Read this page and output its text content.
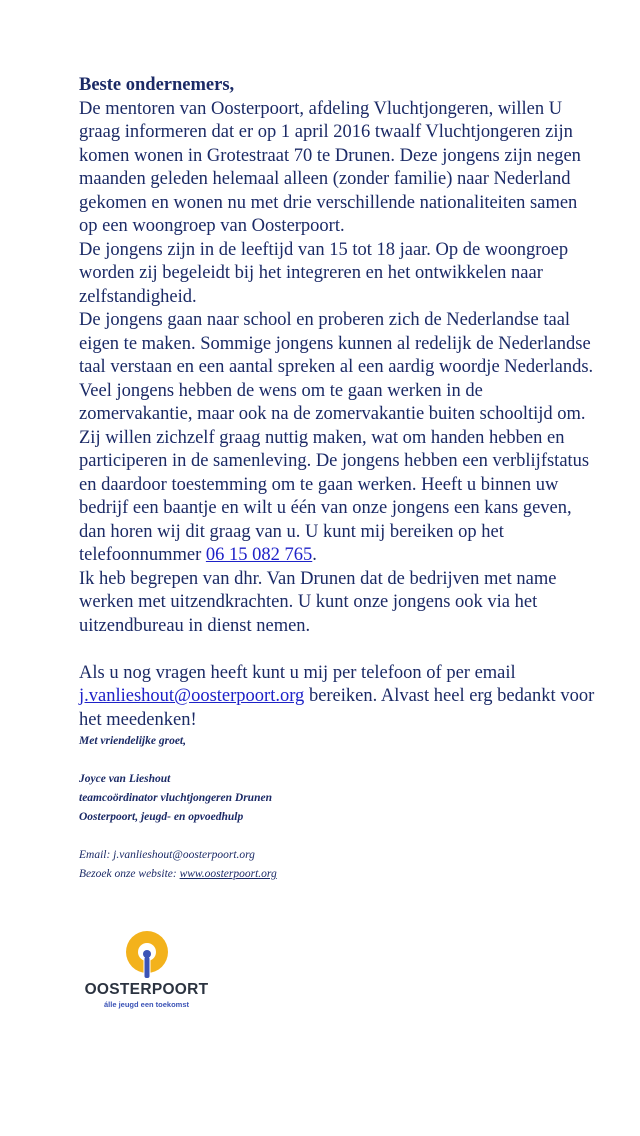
Beste ondernemers,
De mentoren van Oosterpoort, afdeling Vluchtjongeren, willen U graag informeren dat er op 1 april 2016 twaalf Vluchtjongeren zijn komen wonen in Grotestraat 70 te Drunen. Deze jongens zijn negen maanden geleden helemaal alleen (zonder familie) naar Nederland gekomen en wonen nu met drie verschillende nationaliteiten samen op een woongroep van Oosterpoort.
De jongens zijn in de leeftijd van 15 tot 18 jaar. Op de woongroep worden zij begeleidt bij het integreren en het ontwikkelen naar zelfstandigheid.
De jongens gaan naar school en proberen zich de Nederlandse taal eigen te maken. Sommige jongens kunnen al redelijk de Nederlandse taal verstaan en een aantal spreken al een aardig woordje Nederlands.
Veel jongens hebben de wens om te gaan werken in de zomervakantie, maar ook na de zomervakantie buiten schooltijd om. Zij willen zichzelf graag nuttig maken, wat om handen hebben en participeren in de samenleving. De jongens hebben een verblijfstatus en daardoor toestemming om te gaan werken. Heeft u binnen uw bedrijf een baantje en wilt u één van onze jongens een kans geven, dan horen wij dit graag van u. U kunt mij bereiken op het telefoonnummer 06 15 082 765.
Ik heb begrepen van dhr. Van Drunen dat de bedrijven met name werken met uitzendkrachten. U kunt onze jongens ook via het uitzendbureau in dienst nemen.
Als u nog vragen heeft kunt u mij per telefoon of per email j.vanlieshout@oosterpoort.org bereiken. Alvast heel erg bedankt voor het meedenken!
Met vriendelijke groet,
Joyce van Lieshout
teamcoördinator vluchtjongeren Drunen
Oosterpoort, jeugd- en opvoedhulp
Email: j.vanlieshout@oosterpoort.org
Bezoek onze website: www.oosterpoort.org
OOSTERPOORT
álle jeugd een toekomst
